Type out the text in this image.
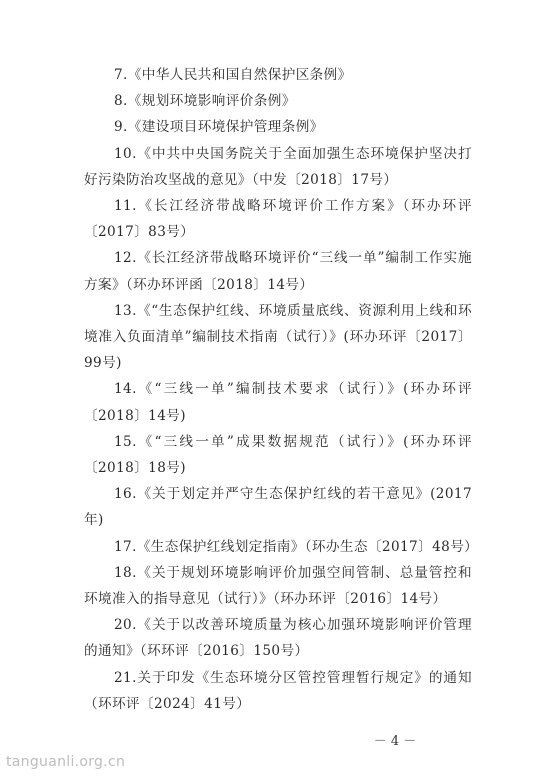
7.《中华人民共和国自然保护区条例》

8.《规划环境影响评价条例》

9.《建设项目环境保护管理条例》

10.《中共中央国务院关于全面加强生态环境保护坚决打好污染防治攻坚战的意见》（中发〔2018〕17号）

11.《长江经济带战略环境评价工作方案》（环办环评〔2017〕83号）

12.《长江经济带战略环境评价“三线一单”编制工作实施方案》（环办环评函〔2018〕14号）

13.《“生态保护红线、环境质量底线、资源利用上线和环境准入负面清单”编制技术指南（试行）》(环办环评〔2017〕99号)

14.《“三线一单”编制技术要求（试行）》(环办环评〔2018〕14号)

15.《“三线一单”成果数据规范（试行）》(环办环评〔2018〕18号)

16.《关于划定并严守生态保护红线的若干意见》(2017年)

17.《生态保护红线划定指南》（环办生态〔2017〕48号）

18.《关于规划环境影响评价加强空间管制、总量管控和环境准入的指导意见（试行）》（环办环评〔2016〕14号）

20.《关于以改善环境质量为核心加强环境影响评价管理的通知》（环环评〔2016〕150号）

21.关于印发《生态环境分区管控管理暂行规定》的通知（环环评〔2024〕41号）

－ 4 －
tanguanli.org.cn
